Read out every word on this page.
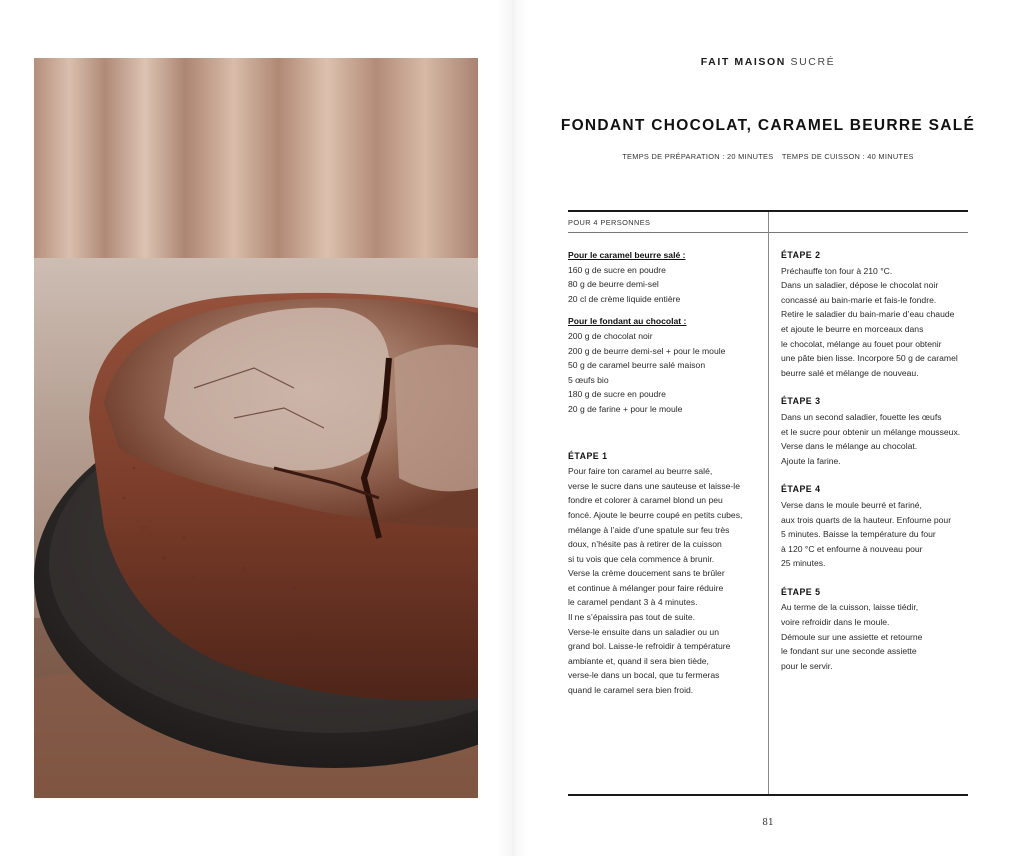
FAIT MAISON SUCRÉ
FONDANT CHOCOLAT, CARAMEL BEURRE SALÉ
TEMPS DE PRÉPARATION : 20 MINUTES TEMPS DE CUISSON : 40 MINUTES
POUR 4 PERSONNES
Pour le caramel beurre salé :
160 g de sucre en poudre
80 g de beurre demi-sel
20 cl de crème liquide entière
Pour le fondant au chocolat :
200 g de chocolat noir
200 g de beurre demi-sel + pour le moule
50 g de caramel beurre salé maison
5 œufs bio
180 g de sucre en poudre
20 g de farine + pour le moule
ÉTAPE 1
Pour faire ton caramel au beurre salé,
verse le sucre dans une sauteuse et laisse-le
fondre et colorer à caramel blond un peu
foncé. Ajoute le beurre coupé en petits cubes,
mélange à l’aide d’une spatule sur feu très
doux, n’hésite pas à retirer de la cuisson
si tu vois que cela commence à brunir.
Verse la crème doucement sans te brûler
et continue à mélanger pour faire réduire
le caramel pendant 3 à 4 minutes.
Il ne s’épaissira pas tout de suite.
Verse-le ensuite dans un saladier ou un
grand bol. Laisse-le refroidir à température
ambiante et, quand il sera bien tiède,
verse-le dans un bocal, que tu fermeras
quand le caramel sera bien froid.
ÉTAPE 2
Préchauffe ton four à 210 °C.
Dans un saladier, dépose le chocolat noir
concassé au bain-marie et fais-le fondre.
Retire le saladier du bain-marie d’eau chaude
et ajoute le beurre en morceaux dans
le chocolat, mélange au fouet pour obtenir
une pâte bien lisse. Incorpore 50 g de caramel
beurre salé et mélange de nouveau.
ÉTAPE 3
Dans un second saladier, fouette les œufs
et le sucre pour obtenir un mélange mousseux.
Verse dans le mélange au chocolat.
Ajoute la farine.
ÉTAPE 4
Verse dans le moule beurré et fariné,
aux trois quarts de la hauteur. Enfourne pour
5 minutes. Baisse la température du four
à 120 °C et enfourne à nouveau pour
25 minutes.
ÉTAPE 5
Au terme de la cuisson, laisse tiédir,
voire refroidir dans le moule.
Démoule sur une assiette et retourne
le fondant sur une seconde assiette
pour le servir.
81
